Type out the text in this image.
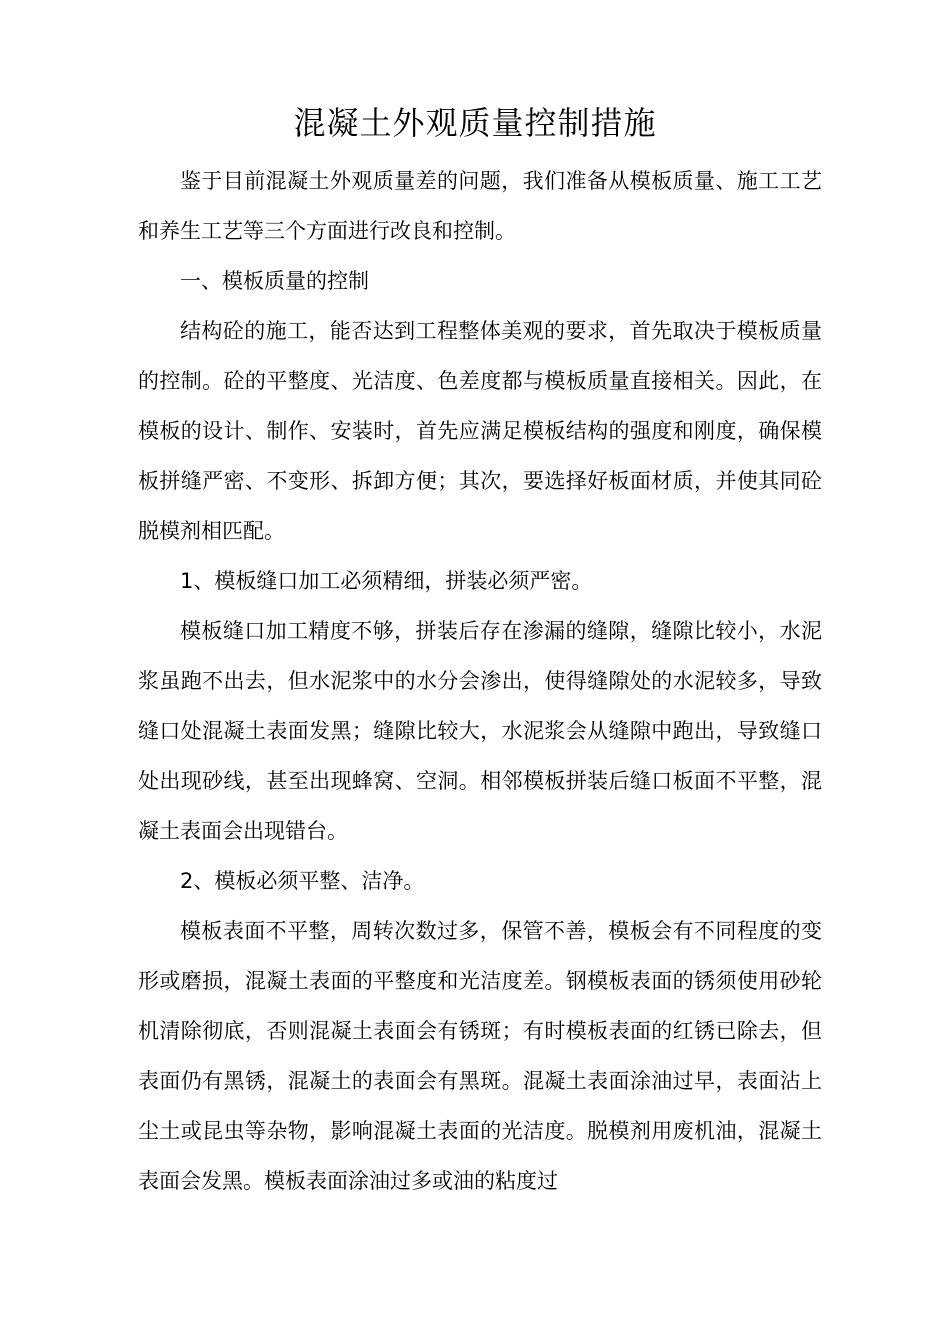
混凝土外观质量控制措施

鉴于目前混凝土外观质量差的问题，我们准备从模板质量、施工工艺和养生工艺等三个方面进行改良和控制。

一、模板质量的控制

结构砼的施工，能否达到工程整体美观的要求，首先取决于模板质量的控制。砼的平整度、光洁度、色差度都与模板质量直接相关。因此，在模板的设计、制作、安装时，首先应满足模板结构的强度和刚度，确保模板拼缝严密、不变形、拆卸方便；其次，要选择好板面材质，并使其同砼脱模剂相匹配。

1、模板缝口加工必须精细，拼装必须严密。

模板缝口加工精度不够，拼装后存在渗漏的缝隙，缝隙比较小，水泥浆虽跑不出去，但水泥浆中的水分会渗出，使得缝隙处的水泥较多，导致缝口处混凝土表面发黑；缝隙比较大，水泥浆会从缝隙中跑出，导致缝口处出现砂线，甚至出现蜂窝、空洞。相邻模板拼装后缝口板面不平整，混凝土表面会出现错台。

2、模板必须平整、洁净。

模板表面不平整，周转次数过多，保管不善，模板会有不同程度的变形或磨损，混凝土表面的平整度和光洁度差。钢模板表面的锈须使用砂轮机清除彻底，否则混凝土表面会有锈斑；有时模板表面的红锈已除去，但表面仍有黑锈，混凝土的表面会有黑斑。混凝土表面涂油过早，表面沾上尘土或昆虫等杂物，影响混凝土表面的光洁度。脱模剂用废机油，混凝土表面会发黑。模板表面涂油过多或油的粘度过
